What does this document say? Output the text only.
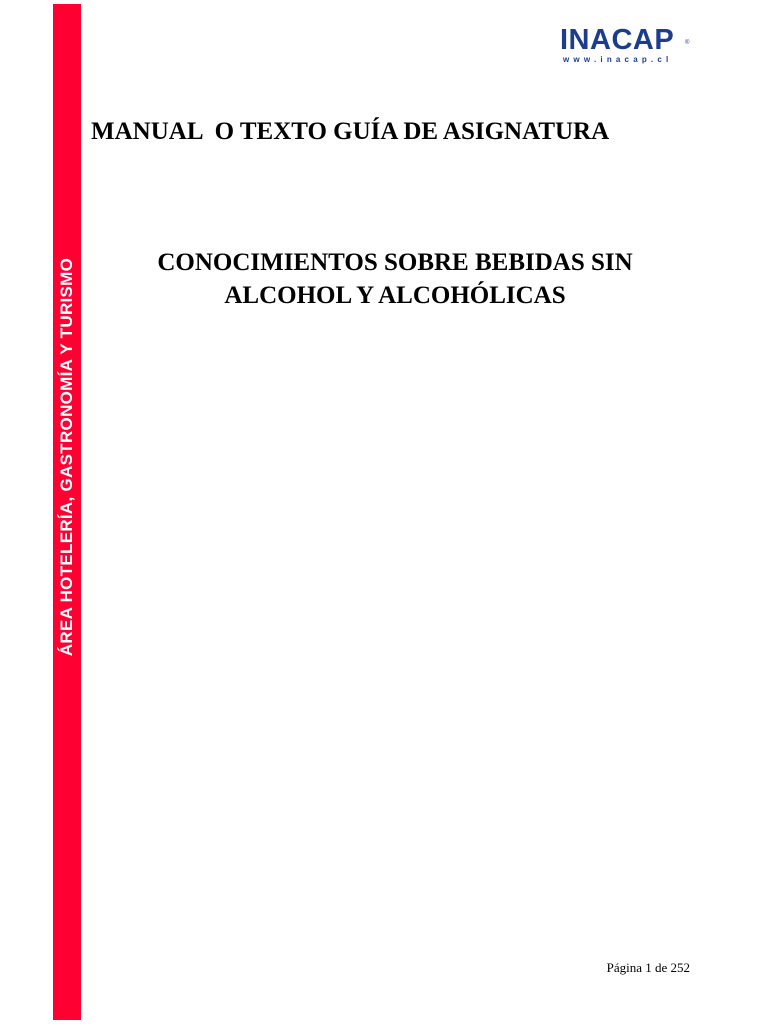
ÁREA HOTELERÍA, GASTRONOMÍA Y TURISMO
INACAP ®
www.inacap.cl
MANUAL  O TEXTO GUÍA DE ASIGNATURA
CONOCIMIENTOS SOBRE BEBIDAS SIN
ALCOHOL Y ALCOHÓLICAS
Página 1 de 252
